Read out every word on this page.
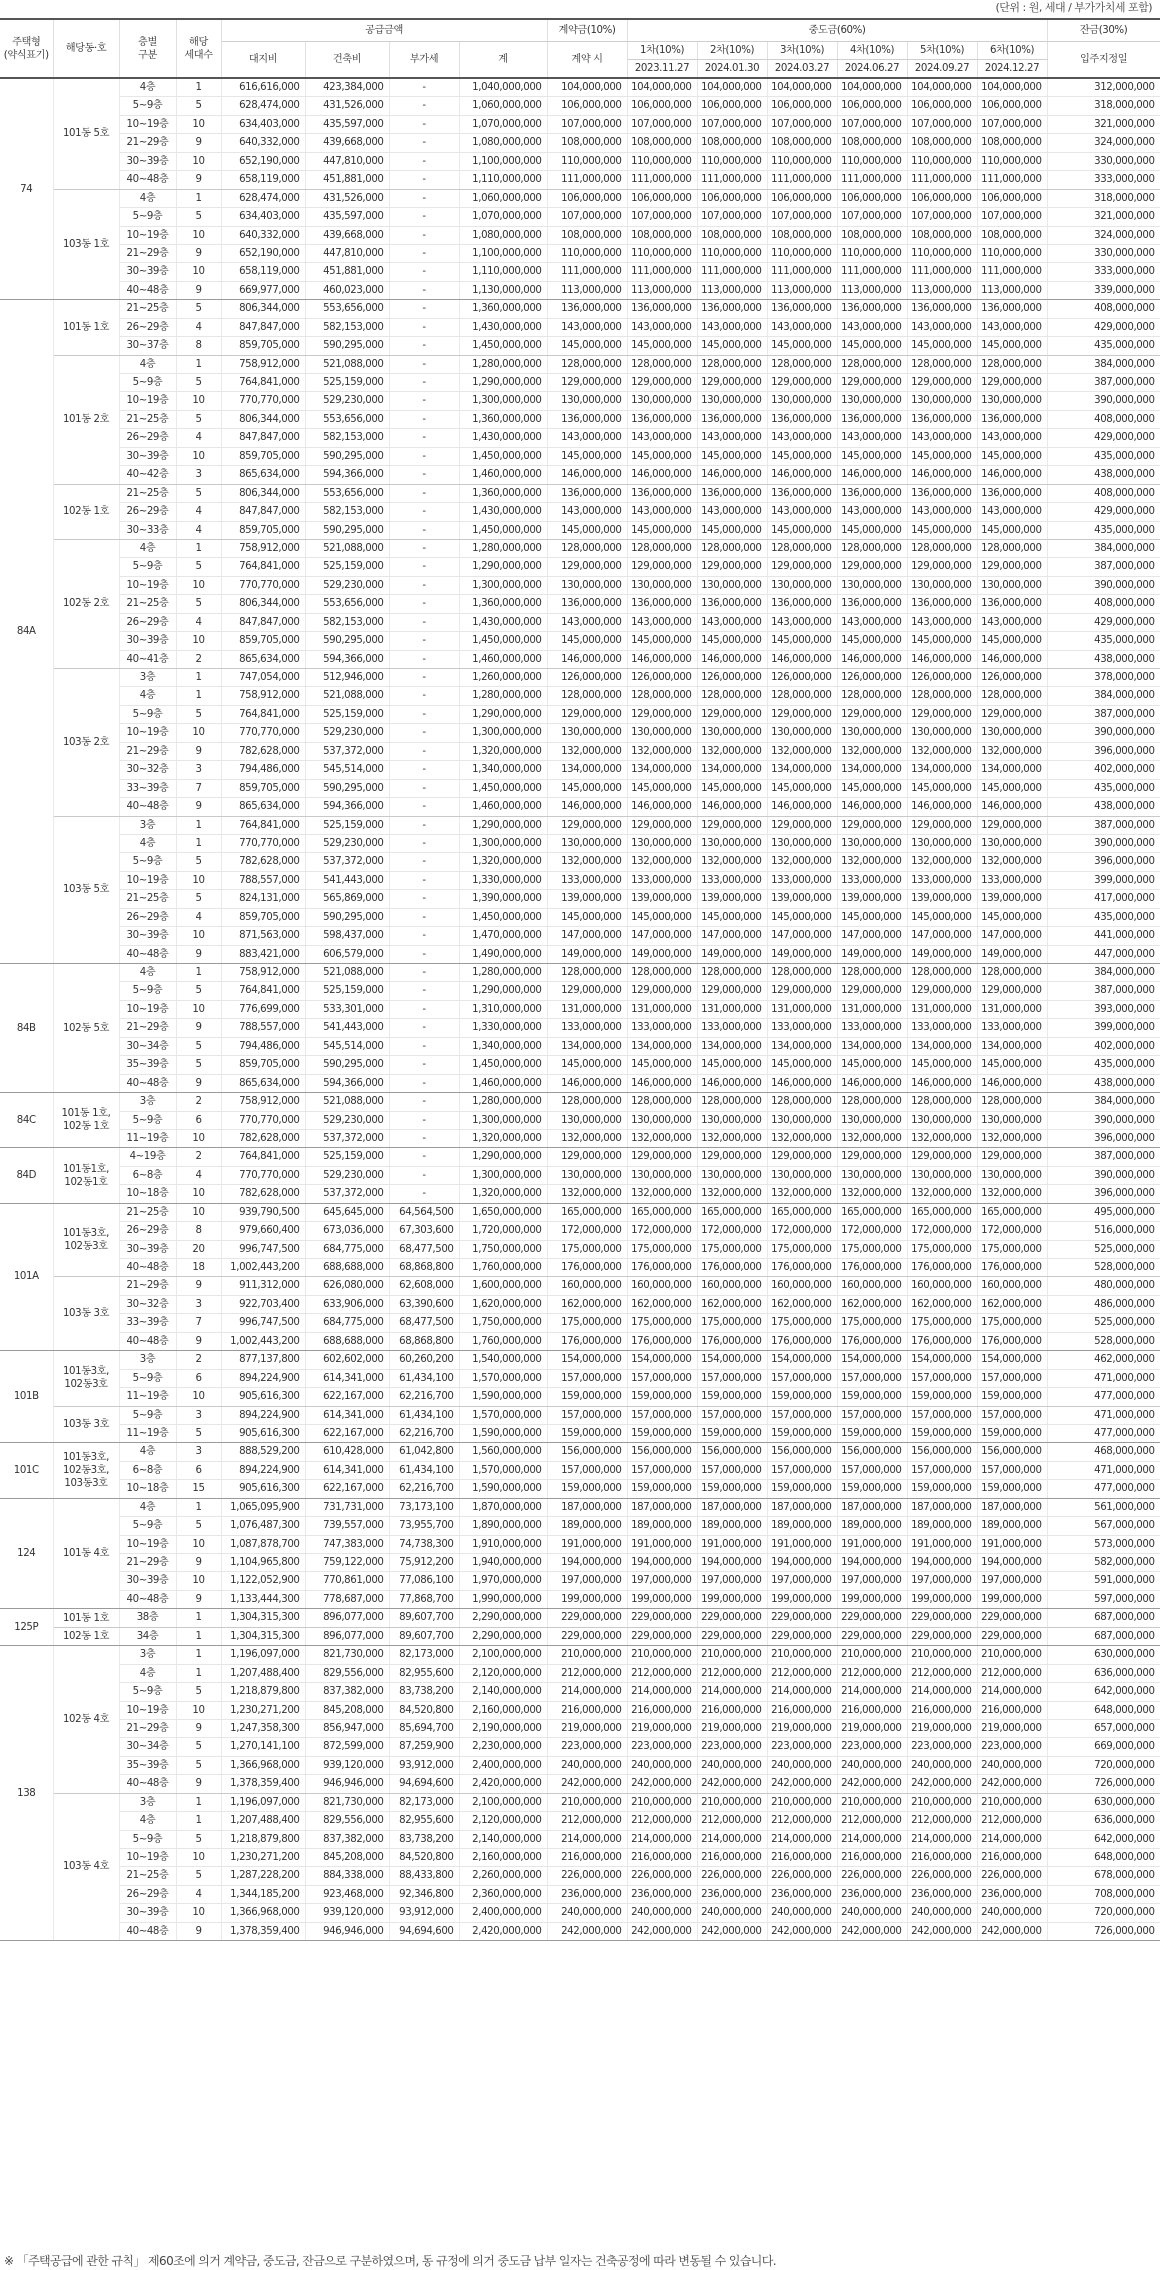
(단위 : 원, 세대 / 부가가치세 포함)
주택형
(약식표기)	해당동·호	층별
구분	해당
세대수	공급금액				계약금(10%)	중도금(60%)						잔금(30%)
				대지비	건축비	부가세	계	계약 시	1차(10%)	2차(10%)	3차(10%)	4차(10%)	5차(10%)	6차(10%)	입주지정일
									2023.11.27	2024.01.30	2024.03.27	2024.06.27	2024.09.27	2024.12.27	
74	101동 5호	4층	1	616,616,000	423,384,000	-	1,040,000,000	104,000,000	104,000,000	104,000,000	104,000,000	104,000,000	104,000,000	104,000,000	312,000,000
		5~9층	5	628,474,000	431,526,000	-	1,060,000,000	106,000,000	106,000,000	106,000,000	106,000,000	106,000,000	106,000,000	106,000,000	318,000,000
		10~19층	10	634,403,000	435,597,000	-	1,070,000,000	107,000,000	107,000,000	107,000,000	107,000,000	107,000,000	107,000,000	107,000,000	321,000,000
		21~29층	9	640,332,000	439,668,000	-	1,080,000,000	108,000,000	108,000,000	108,000,000	108,000,000	108,000,000	108,000,000	108,000,000	324,000,000
		30~39층	10	652,190,000	447,810,000	-	1,100,000,000	110,000,000	110,000,000	110,000,000	110,000,000	110,000,000	110,000,000	110,000,000	330,000,000
		40~48층	9	658,119,000	451,881,000	-	1,110,000,000	111,000,000	111,000,000	111,000,000	111,000,000	111,000,000	111,000,000	111,000,000	333,000,000
	103동 1호	4층	1	628,474,000	431,526,000	-	1,060,000,000	106,000,000	106,000,000	106,000,000	106,000,000	106,000,000	106,000,000	106,000,000	318,000,000
		5~9층	5	634,403,000	435,597,000	-	1,070,000,000	107,000,000	107,000,000	107,000,000	107,000,000	107,000,000	107,000,000	107,000,000	321,000,000
		10~19층	10	640,332,000	439,668,000	-	1,080,000,000	108,000,000	108,000,000	108,000,000	108,000,000	108,000,000	108,000,000	108,000,000	324,000,000
		21~29층	9	652,190,000	447,810,000	-	1,100,000,000	110,000,000	110,000,000	110,000,000	110,000,000	110,000,000	110,000,000	110,000,000	330,000,000
		30~39층	10	658,119,000	451,881,000	-	1,110,000,000	111,000,000	111,000,000	111,000,000	111,000,000	111,000,000	111,000,000	111,000,000	333,000,000
		40~48층	9	669,977,000	460,023,000	-	1,130,000,000	113,000,000	113,000,000	113,000,000	113,000,000	113,000,000	113,000,000	113,000,000	339,000,000
84A	101동 1호	21~25층	5	806,344,000	553,656,000	-	1,360,000,000	136,000,000	136,000,000	136,000,000	136,000,000	136,000,000	136,000,000	136,000,000	408,000,000
		26~29층	4	847,847,000	582,153,000	-	1,430,000,000	143,000,000	143,000,000	143,000,000	143,000,000	143,000,000	143,000,000	143,000,000	429,000,000
		30~37층	8	859,705,000	590,295,000	-	1,450,000,000	145,000,000	145,000,000	145,000,000	145,000,000	145,000,000	145,000,000	145,000,000	435,000,000
	101동 2호	4층	1	758,912,000	521,088,000	-	1,280,000,000	128,000,000	128,000,000	128,000,000	128,000,000	128,000,000	128,000,000	128,000,000	384,000,000
		5~9층	5	764,841,000	525,159,000	-	1,290,000,000	129,000,000	129,000,000	129,000,000	129,000,000	129,000,000	129,000,000	129,000,000	387,000,000
		10~19층	10	770,770,000	529,230,000	-	1,300,000,000	130,000,000	130,000,000	130,000,000	130,000,000	130,000,000	130,000,000	130,000,000	390,000,000
		21~25층	5	806,344,000	553,656,000	-	1,360,000,000	136,000,000	136,000,000	136,000,000	136,000,000	136,000,000	136,000,000	136,000,000	408,000,000
		26~29층	4	847,847,000	582,153,000	-	1,430,000,000	143,000,000	143,000,000	143,000,000	143,000,000	143,000,000	143,000,000	143,000,000	429,000,000
		30~39층	10	859,705,000	590,295,000	-	1,450,000,000	145,000,000	145,000,000	145,000,000	145,000,000	145,000,000	145,000,000	145,000,000	435,000,000
		40~42층	3	865,634,000	594,366,000	-	1,460,000,000	146,000,000	146,000,000	146,000,000	146,000,000	146,000,000	146,000,000	146,000,000	438,000,000
	102동 1호	21~25층	5	806,344,000	553,656,000	-	1,360,000,000	136,000,000	136,000,000	136,000,000	136,000,000	136,000,000	136,000,000	136,000,000	408,000,000
		26~29층	4	847,847,000	582,153,000	-	1,430,000,000	143,000,000	143,000,000	143,000,000	143,000,000	143,000,000	143,000,000	143,000,000	429,000,000
		30~33층	4	859,705,000	590,295,000	-	1,450,000,000	145,000,000	145,000,000	145,000,000	145,000,000	145,000,000	145,000,000	145,000,000	435,000,000
	102동 2호	4층	1	758,912,000	521,088,000	-	1,280,000,000	128,000,000	128,000,000	128,000,000	128,000,000	128,000,000	128,000,000	128,000,000	384,000,000
		5~9층	5	764,841,000	525,159,000	-	1,290,000,000	129,000,000	129,000,000	129,000,000	129,000,000	129,000,000	129,000,000	129,000,000	387,000,000
		10~19층	10	770,770,000	529,230,000	-	1,300,000,000	130,000,000	130,000,000	130,000,000	130,000,000	130,000,000	130,000,000	130,000,000	390,000,000
		21~25층	5	806,344,000	553,656,000	-	1,360,000,000	136,000,000	136,000,000	136,000,000	136,000,000	136,000,000	136,000,000	136,000,000	408,000,000
		26~29층	4	847,847,000	582,153,000	-	1,430,000,000	143,000,000	143,000,000	143,000,000	143,000,000	143,000,000	143,000,000	143,000,000	429,000,000
		30~39층	10	859,705,000	590,295,000	-	1,450,000,000	145,000,000	145,000,000	145,000,000	145,000,000	145,000,000	145,000,000	145,000,000	435,000,000
		40~41층	2	865,634,000	594,366,000	-	1,460,000,000	146,000,000	146,000,000	146,000,000	146,000,000	146,000,000	146,000,000	146,000,000	438,000,000
	103동 2호	3층	1	747,054,000	512,946,000	-	1,260,000,000	126,000,000	126,000,000	126,000,000	126,000,000	126,000,000	126,000,000	126,000,000	378,000,000
		4층	1	758,912,000	521,088,000	-	1,280,000,000	128,000,000	128,000,000	128,000,000	128,000,000	128,000,000	128,000,000	128,000,000	384,000,000
		5~9층	5	764,841,000	525,159,000	-	1,290,000,000	129,000,000	129,000,000	129,000,000	129,000,000	129,000,000	129,000,000	129,000,000	387,000,000
		10~19층	10	770,770,000	529,230,000	-	1,300,000,000	130,000,000	130,000,000	130,000,000	130,000,000	130,000,000	130,000,000	130,000,000	390,000,000
		21~29층	9	782,628,000	537,372,000	-	1,320,000,000	132,000,000	132,000,000	132,000,000	132,000,000	132,000,000	132,000,000	132,000,000	396,000,000
		30~32층	3	794,486,000	545,514,000	-	1,340,000,000	134,000,000	134,000,000	134,000,000	134,000,000	134,000,000	134,000,000	134,000,000	402,000,000
		33~39층	7	859,705,000	590,295,000	-	1,450,000,000	145,000,000	145,000,000	145,000,000	145,000,000	145,000,000	145,000,000	145,000,000	435,000,000
		40~48층	9	865,634,000	594,366,000	-	1,460,000,000	146,000,000	146,000,000	146,000,000	146,000,000	146,000,000	146,000,000	146,000,000	438,000,000
	103동 5호	3층	1	764,841,000	525,159,000	-	1,290,000,000	129,000,000	129,000,000	129,000,000	129,000,000	129,000,000	129,000,000	129,000,000	387,000,000
		4층	1	770,770,000	529,230,000	-	1,300,000,000	130,000,000	130,000,000	130,000,000	130,000,000	130,000,000	130,000,000	130,000,000	390,000,000
		5~9층	5	782,628,000	537,372,000	-	1,320,000,000	132,000,000	132,000,000	132,000,000	132,000,000	132,000,000	132,000,000	132,000,000	396,000,000
		10~19층	10	788,557,000	541,443,000	-	1,330,000,000	133,000,000	133,000,000	133,000,000	133,000,000	133,000,000	133,000,000	133,000,000	399,000,000
		21~25층	5	824,131,000	565,869,000	-	1,390,000,000	139,000,000	139,000,000	139,000,000	139,000,000	139,000,000	139,000,000	139,000,000	417,000,000
		26~29층	4	859,705,000	590,295,000	-	1,450,000,000	145,000,000	145,000,000	145,000,000	145,000,000	145,000,000	145,000,000	145,000,000	435,000,000
		30~39층	10	871,563,000	598,437,000	-	1,470,000,000	147,000,000	147,000,000	147,000,000	147,000,000	147,000,000	147,000,000	147,000,000	441,000,000
		40~48층	9	883,421,000	606,579,000	-	1,490,000,000	149,000,000	149,000,000	149,000,000	149,000,000	149,000,000	149,000,000	149,000,000	447,000,000
84B	102동 5호	4층	1	758,912,000	521,088,000	-	1,280,000,000	128,000,000	128,000,000	128,000,000	128,000,000	128,000,000	128,000,000	128,000,000	384,000,000
		5~9층	5	764,841,000	525,159,000	-	1,290,000,000	129,000,000	129,000,000	129,000,000	129,000,000	129,000,000	129,000,000	129,000,000	387,000,000
		10~19층	10	776,699,000	533,301,000	-	1,310,000,000	131,000,000	131,000,000	131,000,000	131,000,000	131,000,000	131,000,000	131,000,000	393,000,000
		21~29층	9	788,557,000	541,443,000	-	1,330,000,000	133,000,000	133,000,000	133,000,000	133,000,000	133,000,000	133,000,000	133,000,000	399,000,000
		30~34층	5	794,486,000	545,514,000	-	1,340,000,000	134,000,000	134,000,000	134,000,000	134,000,000	134,000,000	134,000,000	134,000,000	402,000,000
		35~39층	5	859,705,000	590,295,000	-	1,450,000,000	145,000,000	145,000,000	145,000,000	145,000,000	145,000,000	145,000,000	145,000,000	435,000,000
		40~48층	9	865,634,000	594,366,000	-	1,460,000,000	146,000,000	146,000,000	146,000,000	146,000,000	146,000,000	146,000,000	146,000,000	438,000,000
84C	101동 1호,
102동 1호	3층	2	758,912,000	521,088,000	-	1,280,000,000	128,000,000	128,000,000	128,000,000	128,000,000	128,000,000	128,000,000	128,000,000	384,000,000
		5~9층	6	770,770,000	529,230,000	-	1,300,000,000	130,000,000	130,000,000	130,000,000	130,000,000	130,000,000	130,000,000	130,000,000	390,000,000
		11~19층	10	782,628,000	537,372,000	-	1,320,000,000	132,000,000	132,000,000	132,000,000	132,000,000	132,000,000	132,000,000	132,000,000	396,000,000
84D	101동1호,
102동1호	4~19층	2	764,841,000	525,159,000	-	1,290,000,000	129,000,000	129,000,000	129,000,000	129,000,000	129,000,000	129,000,000	129,000,000	387,000,000
		6~8층	4	770,770,000	529,230,000	-	1,300,000,000	130,000,000	130,000,000	130,000,000	130,000,000	130,000,000	130,000,000	130,000,000	390,000,000
		10~18층	10	782,628,000	537,372,000	-	1,320,000,000	132,000,000	132,000,000	132,000,000	132,000,000	132,000,000	132,000,000	132,000,000	396,000,000
101A	101동3호,
102동3호	21~25층	10	939,790,500	645,645,000	64,564,500	1,650,000,000	165,000,000	165,000,000	165,000,000	165,000,000	165,000,000	165,000,000	165,000,000	495,000,000
		26~29층	8	979,660,400	673,036,000	67,303,600	1,720,000,000	172,000,000	172,000,000	172,000,000	172,000,000	172,000,000	172,000,000	172,000,000	516,000,000
		30~39층	20	996,747,500	684,775,000	68,477,500	1,750,000,000	175,000,000	175,000,000	175,000,000	175,000,000	175,000,000	175,000,000	175,000,000	525,000,000
		40~48층	18	1,002,443,200	688,688,000	68,868,800	1,760,000,000	176,000,000	176,000,000	176,000,000	176,000,000	176,000,000	176,000,000	176,000,000	528,000,000
	103동 3호	21~29층	9	911,312,000	626,080,000	62,608,000	1,600,000,000	160,000,000	160,000,000	160,000,000	160,000,000	160,000,000	160,000,000	160,000,000	480,000,000
		30~32층	3	922,703,400	633,906,000	63,390,600	1,620,000,000	162,000,000	162,000,000	162,000,000	162,000,000	162,000,000	162,000,000	162,000,000	486,000,000
		33~39층	7	996,747,500	684,775,000	68,477,500	1,750,000,000	175,000,000	175,000,000	175,000,000	175,000,000	175,000,000	175,000,000	175,000,000	525,000,000
		40~48층	9	1,002,443,200	688,688,000	68,868,800	1,760,000,000	176,000,000	176,000,000	176,000,000	176,000,000	176,000,000	176,000,000	176,000,000	528,000,000
101B	101동3호,
102동3호	3층	2	877,137,800	602,602,000	60,260,200	1,540,000,000	154,000,000	154,000,000	154,000,000	154,000,000	154,000,000	154,000,000	154,000,000	462,000,000
		5~9층	6	894,224,900	614,341,000	61,434,100	1,570,000,000	157,000,000	157,000,000	157,000,000	157,000,000	157,000,000	157,000,000	157,000,000	471,000,000
		11~19층	10	905,616,300	622,167,000	62,216,700	1,590,000,000	159,000,000	159,000,000	159,000,000	159,000,000	159,000,000	159,000,000	159,000,000	477,000,000
	103동 3호	5~9층	3	894,224,900	614,341,000	61,434,100	1,570,000,000	157,000,000	157,000,000	157,000,000	157,000,000	157,000,000	157,000,000	157,000,000	471,000,000
		11~19층	5	905,616,300	622,167,000	62,216,700	1,590,000,000	159,000,000	159,000,000	159,000,000	159,000,000	159,000,000	159,000,000	159,000,000	477,000,000
101C	101동3호,
102동3호,
103동3호	4층	3	888,529,200	610,428,000	61,042,800	1,560,000,000	156,000,000	156,000,000	156,000,000	156,000,000	156,000,000	156,000,000	156,000,000	468,000,000
		6~8층	6	894,224,900	614,341,000	61,434,100	1,570,000,000	157,000,000	157,000,000	157,000,000	157,000,000	157,000,000	157,000,000	157,000,000	471,000,000
		10~18층	15	905,616,300	622,167,000	62,216,700	1,590,000,000	159,000,000	159,000,000	159,000,000	159,000,000	159,000,000	159,000,000	159,000,000	477,000,000
124	101동 4호	4층	1	1,065,095,900	731,731,000	73,173,100	1,870,000,000	187,000,000	187,000,000	187,000,000	187,000,000	187,000,000	187,000,000	187,000,000	561,000,000
		5~9층	5	1,076,487,300	739,557,000	73,955,700	1,890,000,000	189,000,000	189,000,000	189,000,000	189,000,000	189,000,000	189,000,000	189,000,000	567,000,000
		10~19층	10	1,087,878,700	747,383,000	74,738,300	1,910,000,000	191,000,000	191,000,000	191,000,000	191,000,000	191,000,000	191,000,000	191,000,000	573,000,000
		21~29층	9	1,104,965,800	759,122,000	75,912,200	1,940,000,000	194,000,000	194,000,000	194,000,000	194,000,000	194,000,000	194,000,000	194,000,000	582,000,000
		30~39층	10	1,122,052,900	770,861,000	77,086,100	1,970,000,000	197,000,000	197,000,000	197,000,000	197,000,000	197,000,000	197,000,000	197,000,000	591,000,000
		40~48층	9	1,133,444,300	778,687,000	77,868,700	1,990,000,000	199,000,000	199,000,000	199,000,000	199,000,000	199,000,000	199,000,000	199,000,000	597,000,000
125P	101동 1호	38층	1	1,304,315,300	896,077,000	89,607,700	2,290,000,000	229,000,000	229,000,000	229,000,000	229,000,000	229,000,000	229,000,000	229,000,000	687,000,000
	102동 1호	34층	1	1,304,315,300	896,077,000	89,607,700	2,290,000,000	229,000,000	229,000,000	229,000,000	229,000,000	229,000,000	229,000,000	229,000,000	687,000,000
138	102동 4호	3층	1	1,196,097,000	821,730,000	82,173,000	2,100,000,000	210,000,000	210,000,000	210,000,000	210,000,000	210,000,000	210,000,000	210,000,000	630,000,000
		4층	1	1,207,488,400	829,556,000	82,955,600	2,120,000,000	212,000,000	212,000,000	212,000,000	212,000,000	212,000,000	212,000,000	212,000,000	636,000,000
		5~9층	5	1,218,879,800	837,382,000	83,738,200	2,140,000,000	214,000,000	214,000,000	214,000,000	214,000,000	214,000,000	214,000,000	214,000,000	642,000,000
		10~19층	10	1,230,271,200	845,208,000	84,520,800	2,160,000,000	216,000,000	216,000,000	216,000,000	216,000,000	216,000,000	216,000,000	216,000,000	648,000,000
		21~29층	9	1,247,358,300	856,947,000	85,694,700	2,190,000,000	219,000,000	219,000,000	219,000,000	219,000,000	219,000,000	219,000,000	219,000,000	657,000,000
		30~34층	5	1,270,141,100	872,599,000	87,259,900	2,230,000,000	223,000,000	223,000,000	223,000,000	223,000,000	223,000,000	223,000,000	223,000,000	669,000,000
		35~39층	5	1,366,968,000	939,120,000	93,912,000	2,400,000,000	240,000,000	240,000,000	240,000,000	240,000,000	240,000,000	240,000,000	240,000,000	720,000,000
		40~48층	9	1,378,359,400	946,946,000	94,694,600	2,420,000,000	242,000,000	242,000,000	242,000,000	242,000,000	242,000,000	242,000,000	242,000,000	726,000,000
	103동 4호	3층	1	1,196,097,000	821,730,000	82,173,000	2,100,000,000	210,000,000	210,000,000	210,000,000	210,000,000	210,000,000	210,000,000	210,000,000	630,000,000
		4층	1	1,207,488,400	829,556,000	82,955,600	2,120,000,000	212,000,000	212,000,000	212,000,000	212,000,000	212,000,000	212,000,000	212,000,000	636,000,000
		5~9층	5	1,218,879,800	837,382,000	83,738,200	2,140,000,000	214,000,000	214,000,000	214,000,000	214,000,000	214,000,000	214,000,000	214,000,000	642,000,000
		10~19층	10	1,230,271,200	845,208,000	84,520,800	2,160,000,000	216,000,000	216,000,000	216,000,000	216,000,000	216,000,000	216,000,000	216,000,000	648,000,000
		21~25층	5	1,287,228,200	884,338,000	88,433,800	2,260,000,000	226,000,000	226,000,000	226,000,000	226,000,000	226,000,000	226,000,000	226,000,000	678,000,000
		26~29층	4	1,344,185,200	923,468,000	92,346,800	2,360,000,000	236,000,000	236,000,000	236,000,000	236,000,000	236,000,000	236,000,000	236,000,000	708,000,000
		30~39층	10	1,366,968,000	939,120,000	93,912,000	2,400,000,000	240,000,000	240,000,000	240,000,000	240,000,000	240,000,000	240,000,000	240,000,000	720,000,000
		40~48층	9	1,378,359,400	946,946,000	94,694,600	2,420,000,000	242,000,000	242,000,000	242,000,000	242,000,000	242,000,000	242,000,000	242,000,000	726,000,000
※ 「주택공급에 관한 규칙」 제60조에 의거 계약금, 중도금, 잔금으로 구분하였으며, 동 규정에 의거 중도금 납부 일자는 건축공정에 따라 변동될 수 있습니다.
